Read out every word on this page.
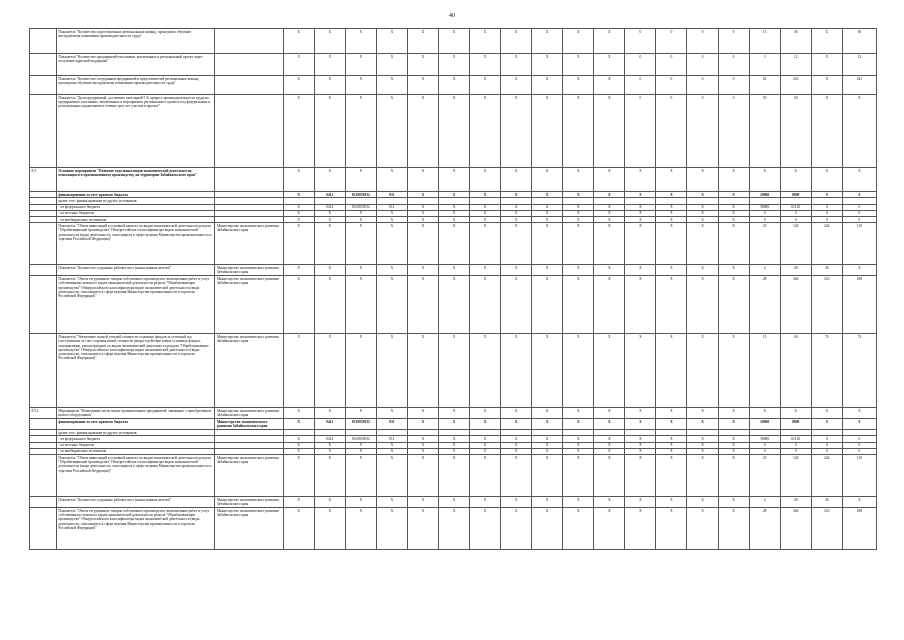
40
	Показатель "Количество подготовленных региональных команд, прошедших обучение инструментам повышения производительности труда"		X	X	X	X	X	X	X	X	X	X	X	0	0	0	0	13	36	X	36
	Показатель "Количество предприятий-участников, вовлеченных в региональный проект через получение адресной поддержки"		X	X	X	X	X	X	X	X	X	X	X	0	0	0	0	3	12	X	12
	Показатель "Количество сотрудников предприятий и представителей региональных команд, прошедших обучение инструментам повышения производительности труда"		X	X	X	X	X	X	X	X	X	X	X	0	0	0	0	62	243	X	243
	Показатель "Доля предприятий, достигших ежегодный 5 % прирост производительности труда на предприятиях участниках, вовлеченных в мероприятия регионального проекта под федеральным и региональным управлением в течение трех лет участия в проекте"		X	X	X	X	X	X	X	X	X	X	X	0	0	0	0	50	50	X	X
8.5.	Основное мероприятие "Развитие отдельных видов экономической деятельности, относящихся к промышленному производству, на территории Забайкальского края"		X	X	X	X	X	X	X	X	X	X	X	X	X	X	X	X	X	X	X
	финансирование за счет краевого бюджета		X	0412	0310853932	811	X	X	X	X	X	X	X	X	X	X	X	20000	8800	0	0
	кроме того, финансирование из других источников:																				
	- из федерального бюджета		X	0412	0310853932	811	X	X	X	X	X	X	X	X	X	X	X	38000	65120	0	0
	- из местных бюджетов		X	X	X	X	X	X	X	X	X	X	X	X	X	X	X	0	0	0	0
	- из внебюджетных источников		X	X	X	X	X	X	X	X	X	X	X	X	X	X	X	0	0	0	0
	Показатель "Объем инвестиций в основной капитал по видам экономической деятельности раздела "Обрабатывающие производства" Общероссийского классификатора видов экономической деятельности (виды деятельности, относящиеся к сфере ведения Министерства промышленности и торговли Российской Федерации)"	Министерство экономического развития Забайкальского края	X	X	X	X	X	X	X	X	X	X	X	X	X	X	X	25	120	224	110
	Показатель "Количество созданных рабочих мест (накопленным итогом)"	Министерство экономического развития Забайкальского края	X	X	X	X	X	X	X	X	X	X	X	X	X	X	X	4	28	36	X
	Показатель "Объем отгруженных товаров собственного производства, выполненных работ и услуг собственными силами по видам экономической деятельности раздела "Обрабатывающие производства" Общероссийского классификатора видов экономической деятельности (виды деятельности, относящиеся к сфере ведения Министерства промышленности и торговли Российской Федерации)"	Министерство экономического развития Забайкальского края	X	X	X	X	X	X	X	X	X	X	X	X	X	X	X	28	364	323	180
	Показатель "Увеличение полной учетной стоимости основных фондов за отчетный год (поступивших за счет создания новой стоимости (ввода в действие новых основных фондов, модернизации, реконструкции) по видам экономической деятельности раздела "Обрабатывающие производства" Общероссийского классификатора видов экономической деятельности (виды деятельности, относящиеся к сфере ведения Министерства промышленности и торговли Российской Федерации)"	Министерство экономического развития Забайкальского края	X	X	X	X	X	X	X	X	X	X	X	X	X	X	X	15	40	74	74
8.5.1	Мероприятие "Возмещение части затрат промышленных предприятий, связанных с приобретением нового оборудования"	Министерство экономического развития Забайкальского края	X	X	X	X	X	X	X	X	X	X	X	X	X	X	X	X	X	X	X
	финансирование за счет краевого бюджета	Министерство экономического развития Забайкальского края	X	0412	0310853932	811	X	X	X	X	X	X	X	X	X	X	X	20000	8800	0	0
	кроме того, финансирование из других источников:																				
	- из федерального бюджета		X	0412	0310853932	811	X	X	X	X	X	X	X	X	X	X	X	38000	65120	0	0
	- из местных бюджетов		X	X	X	X	X	X	X	X	X	X	X	X	X	X	X	0	0	0	0
	- из внебюджетных источников		X	X	X	X	X	X	X	X	X	X	X	X	X	X	X	0	0	0	0
	Показатель "Объем инвестиций в основной капитал по видам экономической деятельности раздела "Обрабатывающие производства" Общероссийского классификатора видов экономической деятельности (виды деятельности, относящиеся к сфере ведения Министерства промышленности и торговли Российской Федерации)"	Министерство экономического развития Забайкальского края	X	X	X	X	X	X	X	X	X	X	X	X	X	X	X	25	120	224	110
	Показатель "Количество созданных рабочих мест (накопленным итогом)"	Министерство экономического развития Забайкальского края	X	X	X	X	X	X	X	X	X	X	X	X	X	X	X	4	28	36	X
	Показатель "Объем отгруженных товаров собственного производства, выполненных работ и услуг собственными силами по видам экономической деятельности раздела "Обрабатывающие производства" Общероссийского классификатора видов экономической деятельности (виды деятельности, относящиеся к сфере ведения Министерства промышленности и торговли Российской Федерации)"	Министерство экономического развития Забайкальского края	X	X	X	X	X	X	X	X	X	X	X	X	X	X	X	28	364	323	180
